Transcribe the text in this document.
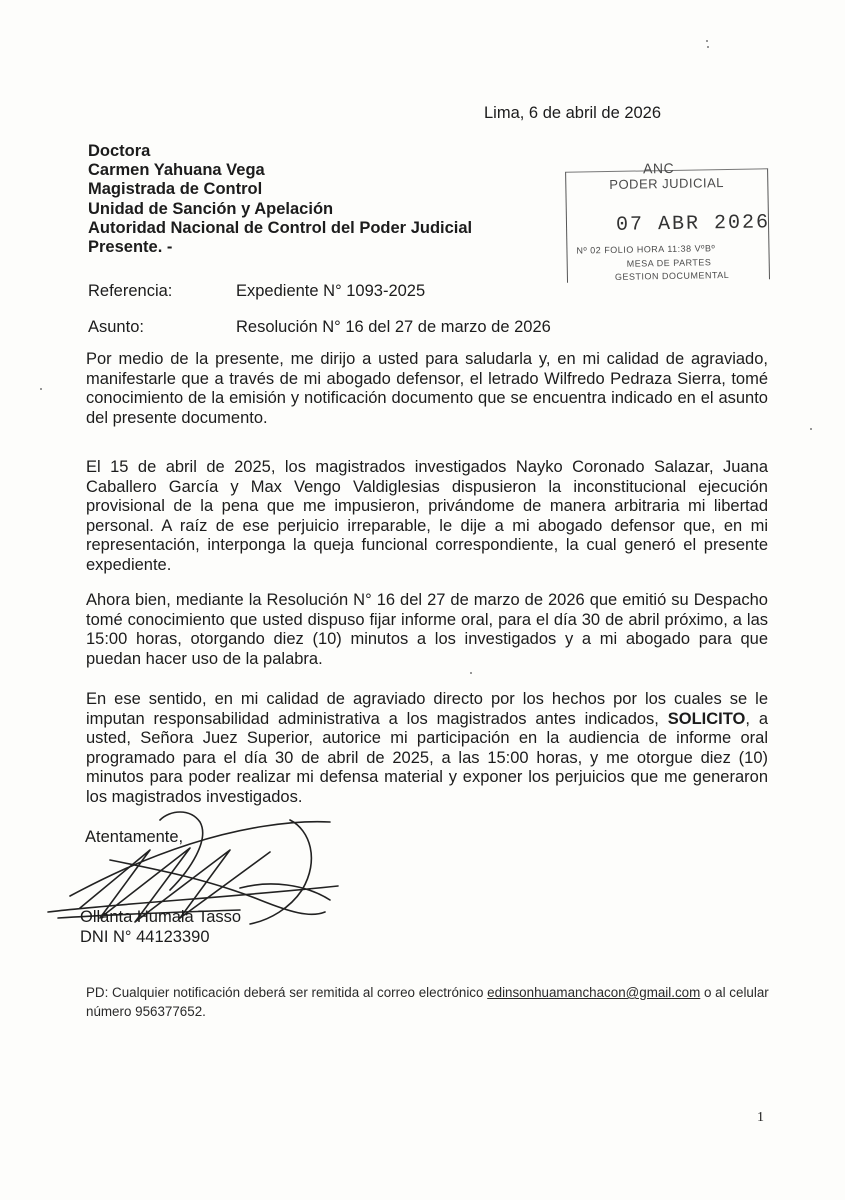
Lima, 6 de abril de 2026
Doctora
Carmen Yahuana Vega
Magistrada de Control
Unidad de Sanción y Apelación
Autoridad Nacional de Control del Poder Judicial
Presente. -
Referencia:	Expediente N° 1093-2025
Asunto:	Resolución N° 16 del 27 de marzo de 2026
ANC
PODER JUDICIAL
07 ABR 2026
Nº 02 FOLIO HORA 11:38 VºBº
MESA DE PARTES
GESTION DOCUMENTAL
Por medio de la presente, me dirijo a usted para saludarla y, en mi calidad de agraviado, manifestarle que a través de mi abogado defensor, el letrado Wilfredo Pedraza Sierra, tomé conocimiento de la emisión y notificación documento que se encuentra indicado en el asunto del presente documento.
El 15 de abril de 2025, los magistrados investigados Nayko Coronado Salazar, Juana Caballero García y Max Vengo Valdiglesias dispusieron la inconstitucional ejecución provisional de la pena que me impusieron, privándome de manera arbitraria mi libertad personal. A raíz de ese perjuicio irreparable, le dije a mi abogado defensor que, en mi representación, interponga la queja funcional correspondiente, la cual generó el presente expediente.
Ahora bien, mediante la Resolución N° 16 del 27 de marzo de 2026 que emitió su Despacho tomé conocimiento que usted dispuso fijar informe oral, para el día 30 de abril próximo, a las 15:00 horas, otorgando diez (10) minutos a los investigados y a mi abogado para que puedan hacer uso de la palabra.
En ese sentido, en mi calidad de agraviado directo por los hechos por los cuales se le imputan responsabilidad administrativa a los magistrados antes indicados, SOLICITO, a usted, Señora Juez Superior, autorice mi participación en la audiencia de informe oral programado para el día 30 de abril de 2025, a las 15:00 horas, y me otorgue diez (10) minutos para poder realizar mi defensa material y exponer los perjuicios que me generaron los magistrados investigados.
Atentamente,
Ollanta Humala Tasso
DNI N° 44123390
PD: Cualquier notificación deberá ser remitida al correo electrónico edinsonhuamanchacon@gmail.com o al celular número 956377652.
1
